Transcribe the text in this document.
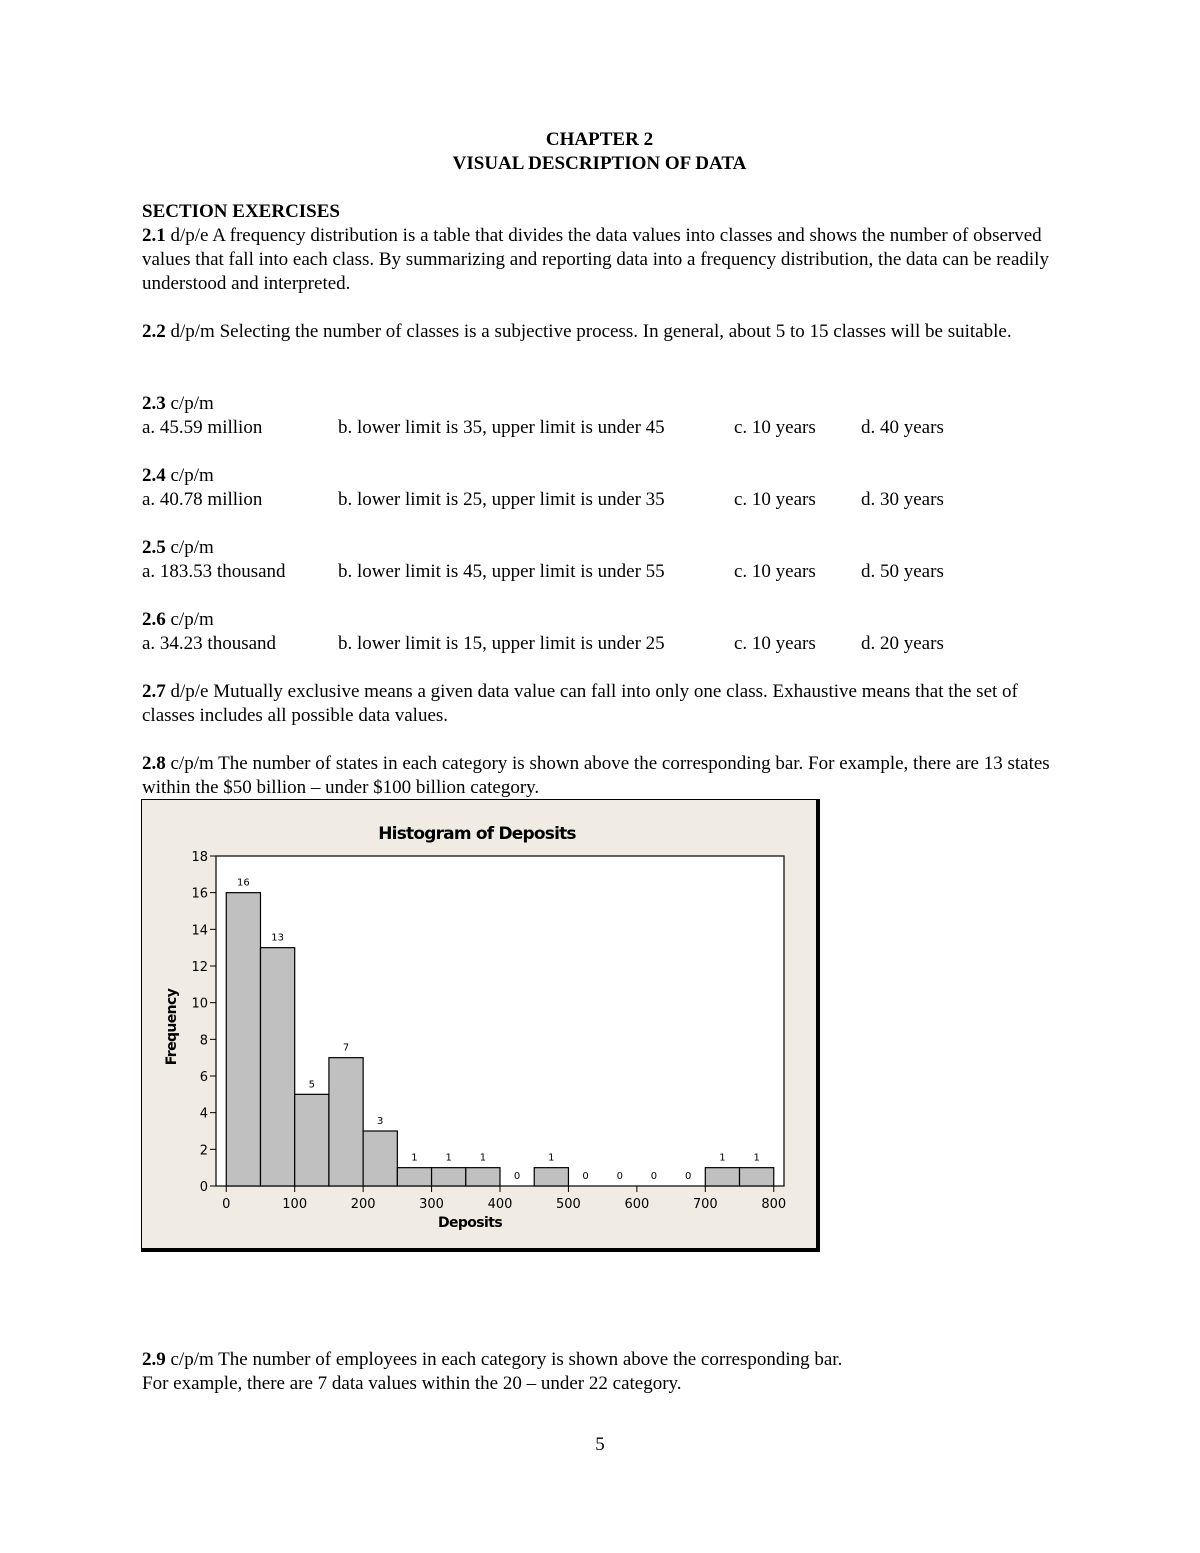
CHAPTER 2
VISUAL DESCRIPTION OF DATA
SECTION EXERCISES
2.1 d/p/e A frequency distribution is a table that divides the data values into classes and shows the number of observed values that fall into each class. By summarizing and reporting data into a frequency distribution, the data can be readily understood and interpreted.
2.2 d/p/m Selecting the number of classes is a subjective process. In general, about 5 to 15 classes will be suitable.
2.3 c/p/m
a. 45.59 million	b. lower limit is 35, upper limit is under 45	c. 10 years d. 40 years
2.4 c/p/m
a. 40.78 million	b. lower limit is 25, upper limit is under 35	c. 10 years d. 30 years
2.5 c/p/m
a. 183.53 thousand	b. lower limit is 45, upper limit is under 55	c. 10 years d. 50 years
2.6 c/p/m
a. 34.23 thousand	b. lower limit is 15, upper limit is under 25	c. 10 years d. 20 years
2.7 d/p/e Mutually exclusive means a given data value can fall into only one class. Exhaustive means that the set of classes includes all possible data values.
2.8 c/p/m The number of states in each category is shown above the corresponding bar. For example, there are 13 states within the $50 billion – under $100 billion category.
2.9 c/p/m The number of employees in each category is shown above the corresponding bar.
For example, there are 7 data values within the 20 – under 22 category.
Histogram of Deposits
16
13
5
7
3
1	1	1
0
1
0	0	0	0
1	1
0
2
4
6
8
10
12
14
16
18
0	100	200	300	400	500	600	700	800
Deposits
Frequency
5
